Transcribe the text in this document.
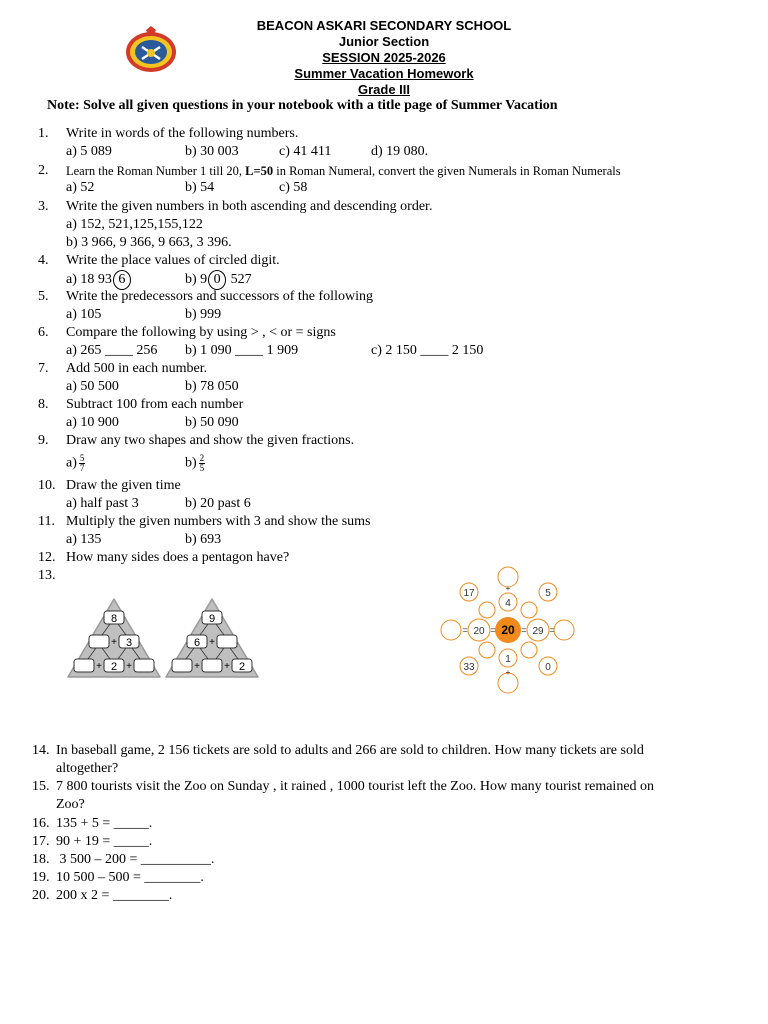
BEACON ASKARI SECONDARY SCHOOL
Junior Section
SESSION 2025-2026
Summer Vacation Homework
Grade III
Note: Solve all given questions in your notebook with a title page of Summer Vacation
1.	Write in words of the following numbers.
a) 5 089	b) 30 003	c) 41 411	d) 19 080.
2.	Learn the Roman Number 1 till 20, L=50 in Roman Numeral, convert the given Numerals in Roman Numerals
a) 52	b) 54	c) 58
3.	Write the given numbers in both ascending and descending order.
a) 152, 521,125,155,122
b) 3 966, 9 366, 9 663, 3 396.
4.	Write the place values of circled digit.
a) 18 93 6	b) 9 0 527
5.	Write the predecessors and successors of the following
a) 105	b) 999
6.	Compare the following by using > , < or = signs
a) 265 ____ 256 b) 1 090 ____ 1 909	c) 2 150 ____ 2 150
7.	Add 500 in each number.
a) 50 500	b) 78 050
8.	Subtract 100 from each number
a) 10 900	b) 50 090
9.	Draw any two shapes and show the given fractions.
$a) \frac{5}{7}$	$b) \frac{2}{5}$
10. Draw the given time
a) half past 3	b) 20 past 6
11. Multiply the given numbers with 3 and show the sums
a) 135	b) 693
12. How many sides does a pentagon have?
13.
8
+ 3
+ 2 +
9
6 +
+ + 2
20
20	29
4
1
17	5
33	0
=	=	=	=
+
+
14. In baseball game, 2 156 tickets are sold to adults and 266 are sold to children. How many tickets are sold
altogether?
15. 7 800 tourists visit the Zoo on Sunday , it rained , 1000 tourist left the Zoo. How many tourist remained on
Zoo?
16. 135 + 5 = _____.
17. 90 + 19 = _____.
18. 3 500 – 200 = __________.
19. 10 500 – 500 = ________.
20. 200 x 2 = ________.
